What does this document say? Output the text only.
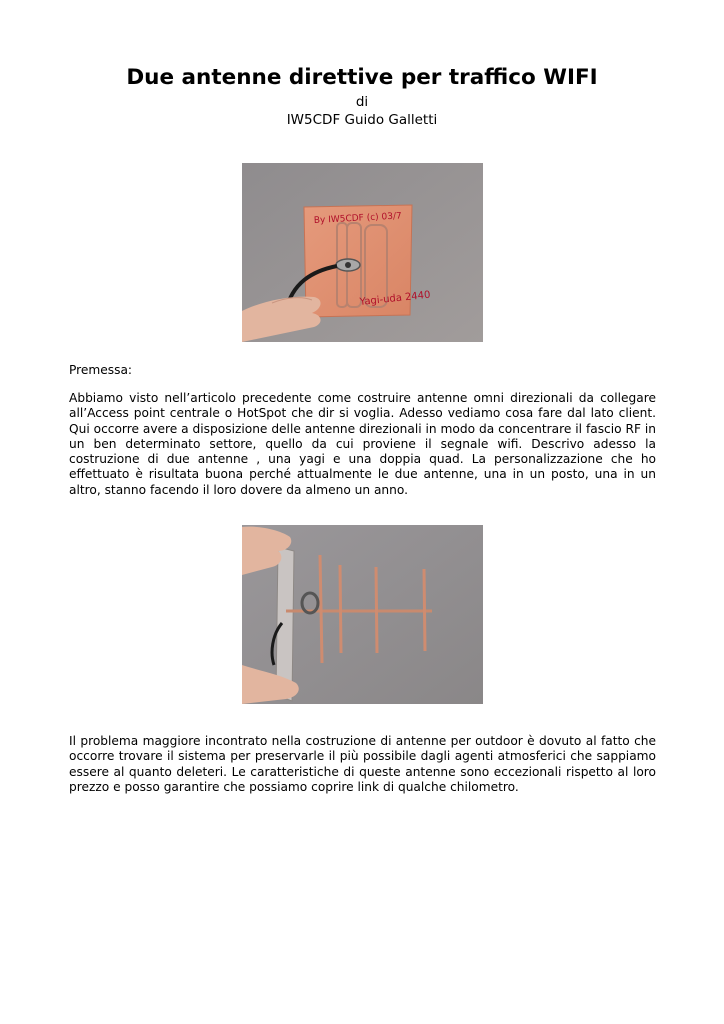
Due antenne direttive per traffico WIFI
di
IW5CDF Guido Galletti
By IW5CDF (c) 03/7
Yagi-uda 2440
Premessa:

Abbiamo visto nell’articolo precedente come costruire antenne omni direzionali da collegare all’Access point centrale o HotSpot che dir si voglia. Adesso vediamo cosa fare dal lato client. Qui occorre avere a disposizione delle antenne direzionali in modo da concentrare il fascio RF in un ben determinato settore, quello da cui proviene il segnale wifi. Descrivo adesso la costruzione di due antenne , una yagi e una doppia quad. La personalizzazione che ho effettuato è risultata buona perché attualmente le due antenne, una in un posto, una in un altro, stanno facendo il loro dovere da almeno un anno.

Il problema maggiore incontrato nella costruzione di antenne per outdoor è dovuto al fatto che occorre trovare il sistema per preservarle il più possibile dagli agenti atmosferici che sappiamo essere al quanto deleteri. Le caratteristiche di queste antenne sono eccezionali rispetto al loro prezzo e posso garantire che possiamo coprire link di qualche chilometro.
